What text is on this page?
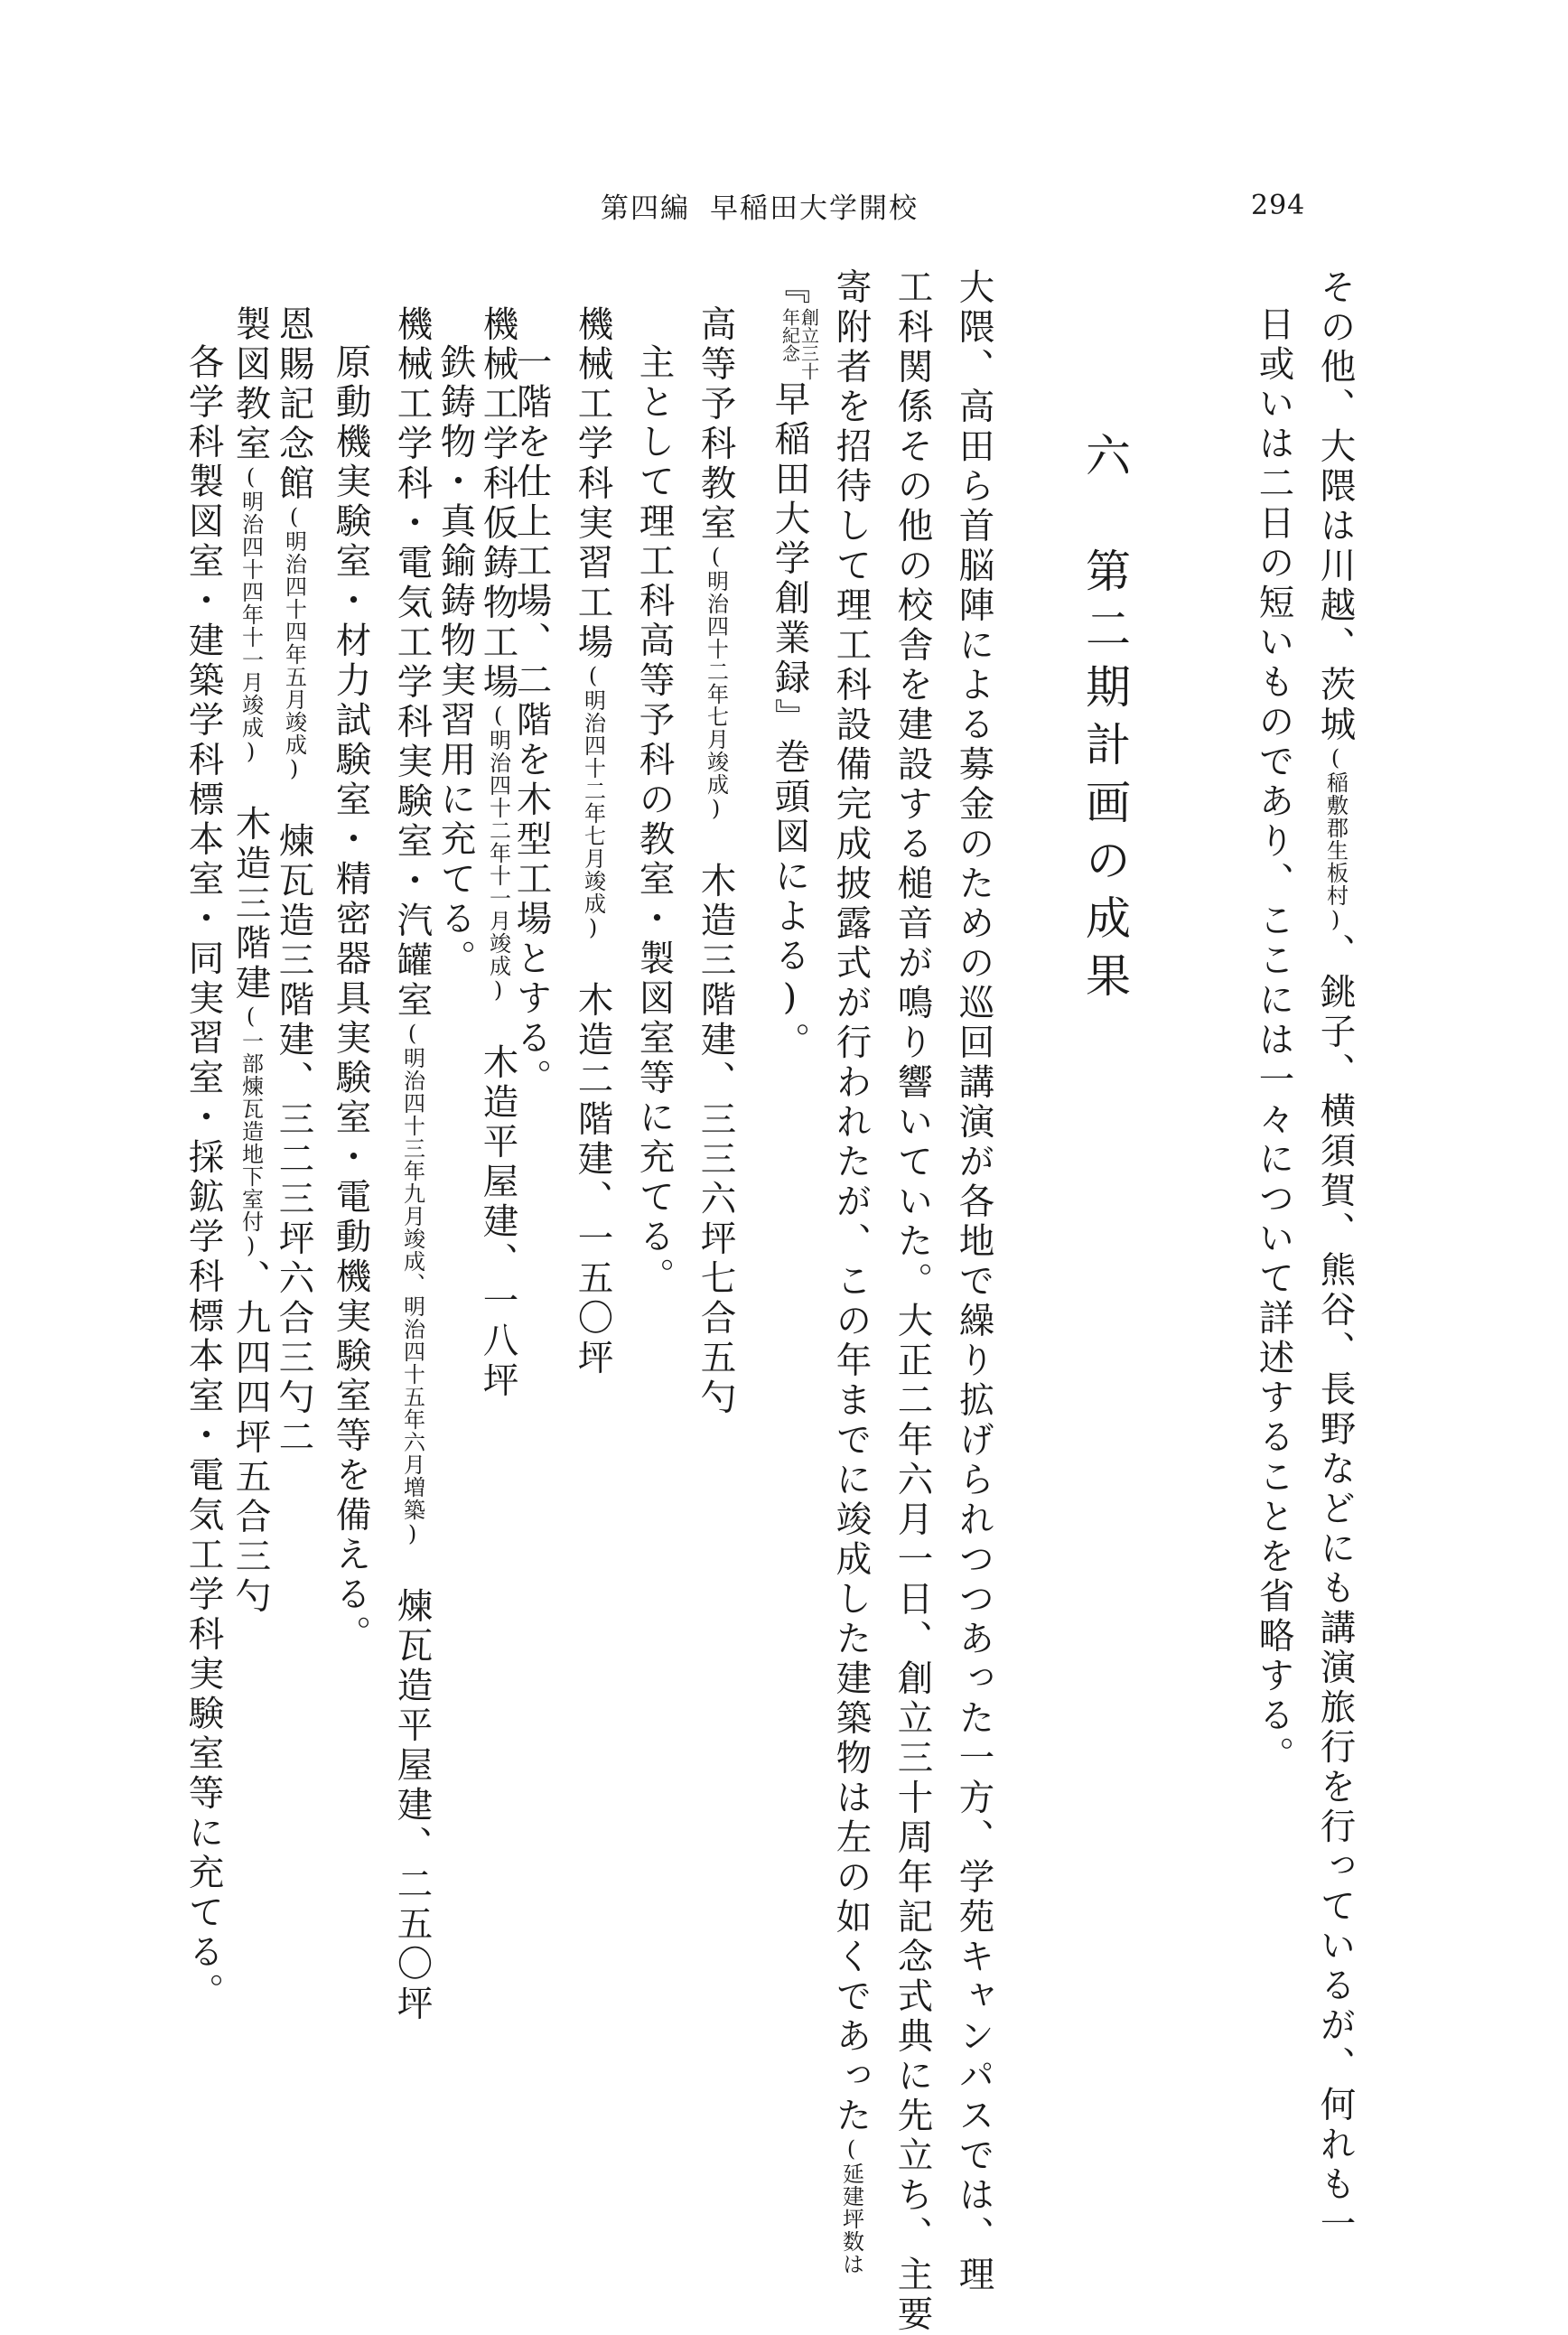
294
第四編 早稲田大学開校
その他、大隈は川越、茨城(稲敷郡生板村)、銚子、横須賀、熊谷、長野などにも講演旅行を行っているが、何れも一
日或いは二日の短いものであり、ここには一々について詳述することを省略する。
六　第二期計画の成果
大隈、高田ら首脳陣による募金のための巡回講演が各地で繰り拡げられつつあった一方、学苑キャンパスでは、理
工科関係その他の校舎を建設する槌音が鳴り響いていた。大正二年六月一日、創立三十周年記念式典に先立ち、主要
寄附者を招待して理工科設備完成披露式が行われたが、この年までに竣成した建築物は左の如くであった(延建坪数は
『創立三十
年紀念早稲田大学創業録』巻頭図による)。
高等予科教室(明治四十二年七月竣成)　木造三階建、三三六坪七合五勺
主として理工科高等予科の教室・製図室等に充てる。
機械工学科実習工場(明治四十二年七月竣成)　木造二階建、一五〇坪
一階を仕上工場、二階を木型工場とする。
機械工学科仮鋳物工場(明治四十二年十一月竣成)　木造平屋建、一八坪
鉄鋳物・真鍮鋳物実習用に充てる。
機械工学科・電気工学科実験室・汽罐室(明治四十三年九月竣成、明治四十五年六月増築)　煉瓦造平屋建、二五〇坪
原動機実験室・材力試験室・精密器具実験室・電動機実験室等を備える。
恩賜記念館(明治四十四年五月竣成)　煉瓦造三階建、三二三坪六合三勺二
製図教室(明治四十四年十一月竣成)　木造三階建(一部煉瓦造地下室付)、九四四坪五合三勺
各学科製図室・建築学科標本室・同実習室・採鉱学科標本室・電気工学科実験室等に充てる。
